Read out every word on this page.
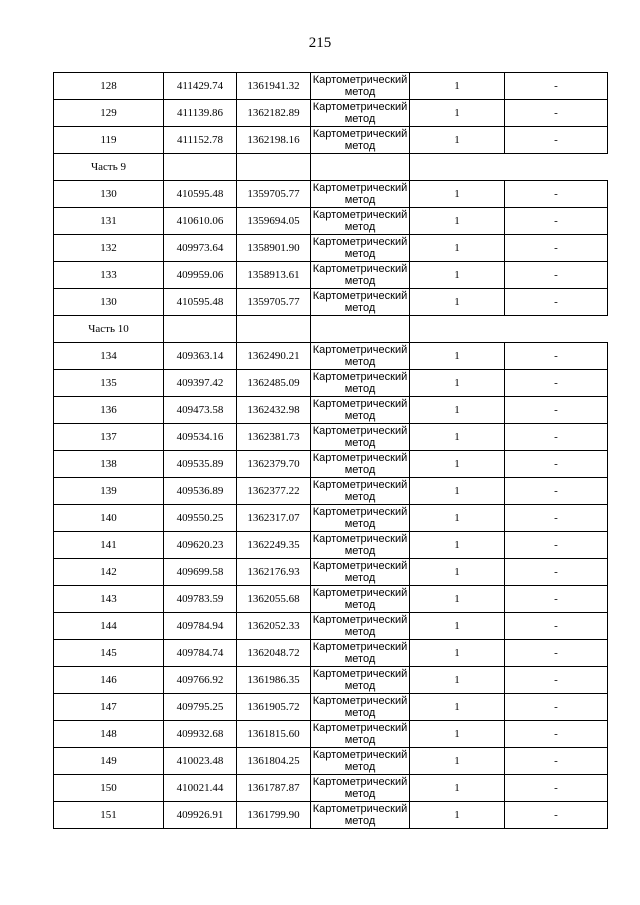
215
128	411429.74	1361941.32	Картометрический
метод	1	-
129	411139.86	1362182.89	Картометрический
метод	1	-
119	411152.78	1362198.16	Картометрический
метод	1	-
Часть 9					
130	410595.48	1359705.77	Картометрический
метод	1	-
131	410610.06	1359694.05	Картометрический
метод	1	-
132	409973.64	1358901.90	Картометрический
метод	1	-
133	409959.06	1358913.61	Картометрический
метод	1	-
130	410595.48	1359705.77	Картометрический
метод	1	-
Часть 10					
134	409363.14	1362490.21	Картометрический
метод	1	-
135	409397.42	1362485.09	Картометрический
метод	1	-
136	409473.58	1362432.98	Картометрический
метод	1	-
137	409534.16	1362381.73	Картометрический
метод	1	-
138	409535.89	1362379.70	Картометрический
метод	1	-
139	409536.89	1362377.22	Картометрический
метод	1	-
140	409550.25	1362317.07	Картометрический
метод	1	-
141	409620.23	1362249.35	Картометрический
метод	1	-
142	409699.58	1362176.93	Картометрический
метод	1	-
143	409783.59	1362055.68	Картометрический
метод	1	-
144	409784.94	1362052.33	Картометрический
метод	1	-
145	409784.74	1362048.72	Картометрический
метод	1	-
146	409766.92	1361986.35	Картометрический
метод	1	-
147	409795.25	1361905.72	Картометрический
метод	1	-
148	409932.68	1361815.60	Картометрический
метод	1	-
149	410023.48	1361804.25	Картометрический
метод	1	-
150	410021.44	1361787.87	Картометрический
метод	1	-
151	409926.91	1361799.90	Картометрический
метод	1	-
